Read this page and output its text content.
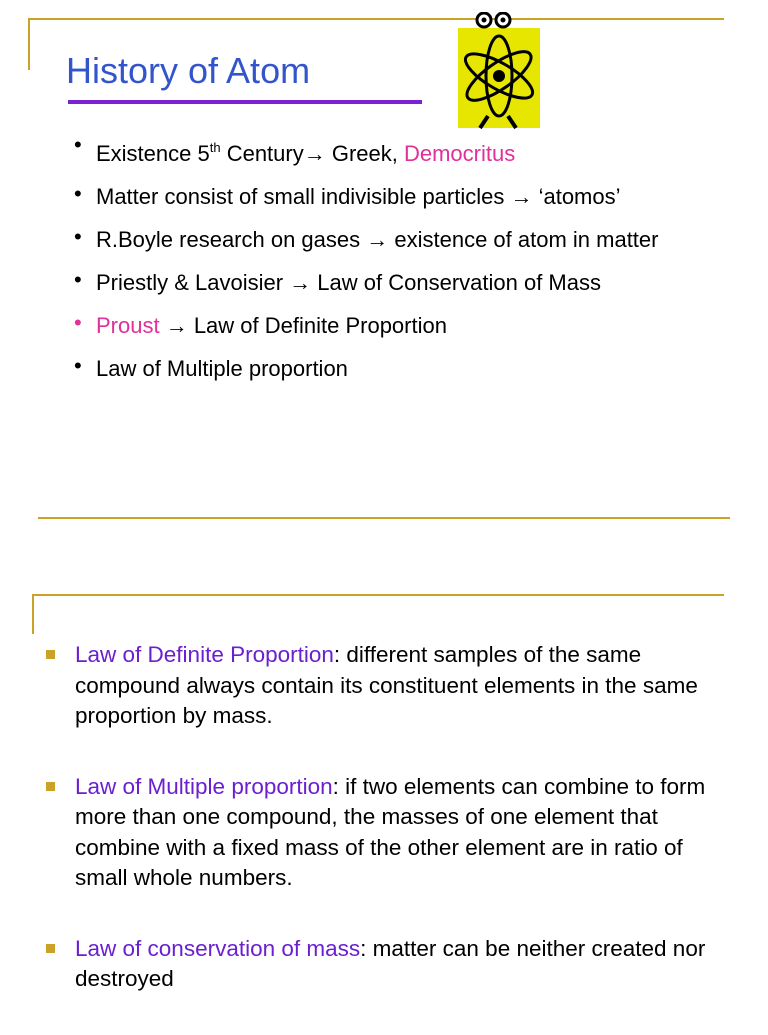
History of Atom
• Existence 5th Century→ Greek, Democritus
• Matter consist of small indivisible particles → ‘atomos’
• R.Boyle research on gases → existence of atom in matter
• Priestly & Lavoisier → Law of Conservation of Mass
• Proust → Law of Definite Proportion
• Law of Multiple proportion
Law of Definite Proportion: different samples of the same compound always contain its constituent elements in the same proportion by mass.
Law of Multiple proportion: if two elements can combine to form more than one compound, the masses of one element that combine with a fixed mass of the other element are in ratio of small whole numbers.
Law of conservation of mass: matter can be neither created nor destroyed
